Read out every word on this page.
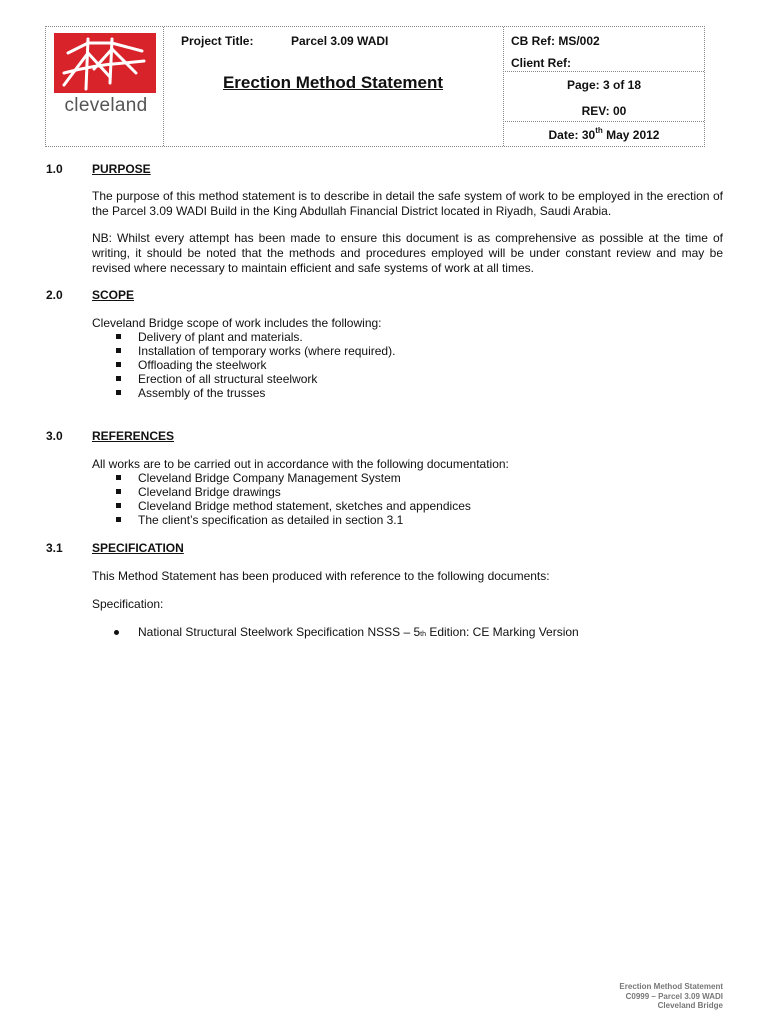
cleveland
Project Title:	Parcel 3.09 WADI
Erection Method Statement
CB Ref: MS/002
Client Ref:
Page: 3 of 18
REV: 00
Date: 30th May 2012
1.0 PURPOSE
The purpose of this method statement is to describe in detail the safe system of work to be employed in the erection of the Parcel 3.09 WADI Build in the King Abdullah Financial District located in Riyadh, Saudi Arabia.
NB: Whilst every attempt has been made to ensure this document is as comprehensive as possible at the time of writing, it should be noted that the methods and procedures employed will be under constant review and may be revised where necessary to maintain efficient and safe systems of work at all times.
2.0 SCOPE
Cleveland Bridge scope of work includes the following:
Delivery of plant and materials.
Installation of temporary works (where required).
Offloading the steelwork
Erection of all structural steelwork
Assembly of the trusses
3.0 REFERENCES
All works are to be carried out in accordance with the following documentation:
Cleveland Bridge Company Management System
Cleveland Bridge drawings
Cleveland Bridge method statement, sketches and appendices
The client’s specification as detailed in section 3.1
3.1 SPECIFICATION
This Method Statement has been produced with reference to the following documents:
Specification:
National Structural Steelwork Specification NSSS – 5th Edition: CE Marking Version
Erection Method Statement
C0999 – Parcel 3.09 WADI
Cleveland Bridge
